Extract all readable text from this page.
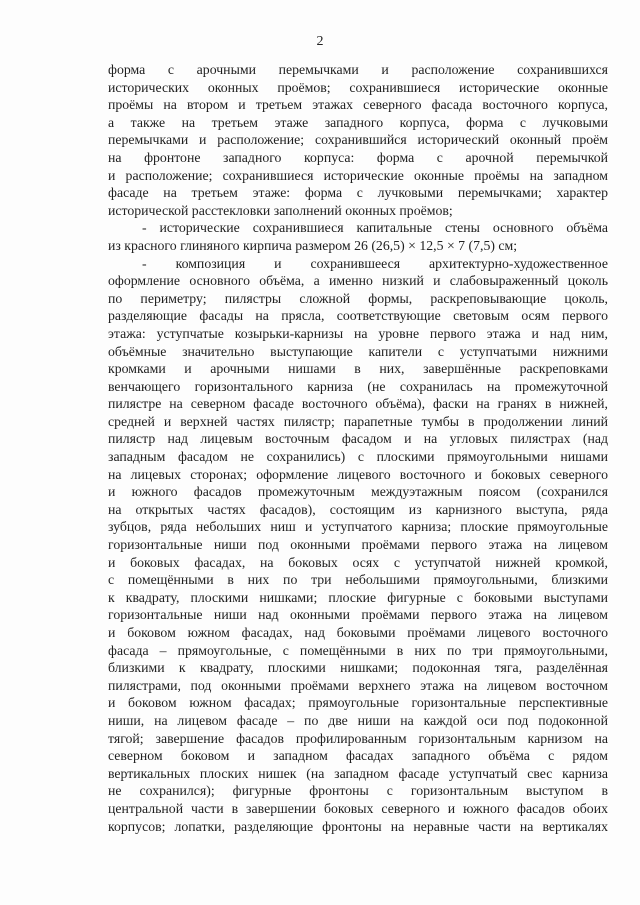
2
форма с арочными перемычками и расположение сохранившихся
исторических оконных проёмов; сохранившиеся исторические оконные
проёмы на втором и третьем этажах северного фасада восточного корпуса,
а также на третьем этаже западного корпуса, форма с лучковыми
перемычками и расположение; сохранившийся исторический оконный проём
на фронтоне западного корпуса: форма с арочной перемычкой
и расположение; сохранившиеся исторические оконные проёмы на западном
фасаде на третьем этаже: форма с лучковыми перемычками; характер
исторической расстекловки заполнений оконных проёмов;
- исторические сохранившиеся капитальные стены основного объёма
из красного глиняного кирпича размером 26 (26,5) × 12,5 × 7 (7,5) см;
- композиция и сохранившееся архитектурно-художественное
оформление основного объёма, а именно низкий и слабовыраженный цоколь
по периметру; пилястры сложной формы, раскреповывающие цоколь,
разделяющие фасады на прясла, соответствующие световым осям первого
этажа: уступчатые козырьки-карнизы на уровне первого этажа и над ним,
объёмные значительно выступающие капители с уступчатыми нижними
кромками и арочными нишами в них, завершённые раскреповками
венчающего горизонтального карниза (не сохранилась на промежуточной
пилястре на северном фасаде восточного объёма), фаски на гранях в нижней,
средней и верхней частях пилястр; парапетные тумбы в продолжении линий
пилястр над лицевым восточным фасадом и на угловых пилястрах (над
западным фасадом не сохранились) с плоскими прямоугольными нишами
на лицевых сторонах; оформление лицевого восточного и боковых северного
и южного фасадов промежуточным междуэтажным поясом (сохранился
на открытых частях фасадов), состоящим из карнизного выступа, ряда
зубцов, ряда небольших ниш и уступчатого карниза; плоские прямоугольные
горизонтальные ниши под оконными проёмами первого этажа на лицевом
и боковых фасадах, на боковых осях с уступчатой нижней кромкой,
с помещёнными в них по три небольшими прямоугольными, близкими
к квадрату, плоскими нишками; плоские фигурные с боковыми выступами
горизонтальные ниши над оконными проёмами первого этажа на лицевом
и боковом южном фасадах, над боковыми проёмами лицевого восточного
фасада – прямоугольные, с помещёнными в них по три прямоугольными,
близкими к квадрату, плоскими нишками; подоконная тяга, разделённая
пилястрами, под оконными проёмами верхнего этажа на лицевом восточном
и боковом южном фасадах; прямоугольные горизонтальные перспективные
ниши, на лицевом фасаде – по две ниши на каждой оси под подоконной
тягой; завершение фасадов профилированным горизонтальным карнизом на
северном боковом и западном фасадах западного объёма с рядом
вертикальных плоских нишек (на западном фасаде уступчатый свес карниза
не сохранился); фигурные фронтоны с горизонтальным выступом в
центральной части в завершении боковых северного и южного фасадов обоих
корпусов; лопатки, разделяющие фронтоны на неравные части на вертикалях
